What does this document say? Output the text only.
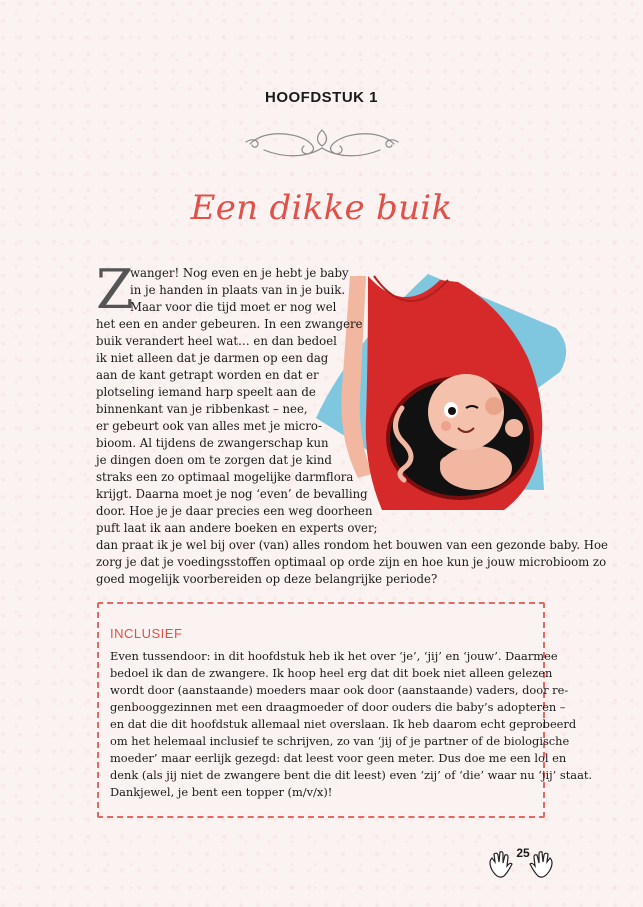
HOOFDSTUK 1
Een dikke buik
Z
wanger! Nog even en je hebt je baby
in je handen in plaats van in je buik.
Maar voor die tijd moet er nog wel
het een en ander gebeuren. In een zwangere
buik verandert heel wat… en dan bedoel
ik niet alleen dat je darmen op een dag
aan de kant getrapt worden en dat er
plotseling iemand harp speelt aan de
binnenkant van je ribbenkast – nee,
er gebeurt ook van alles met je micro-
bioom. Al tijdens de zwangerschap kun
je dingen doen om te zorgen dat je kind
straks een zo optimaal mogelijke darmflora
krijgt. Daarna moet je nog ‘even’ de bevalling
door. Hoe je je daar precies een weg doorheen
puft laat ik aan andere boeken en experts over;
dan praat ik je wel bij over (van) alles rondom het bouwen van een gezonde baby. Hoe
zorg je dat je voedingsstoffen optimaal op orde zijn en hoe kun je jouw microbioom zo
goed mogelijk voorbereiden op deze belangrijke periode?
INCLUSIEF
Even tussendoor: in dit hoofdstuk heb ik het over ‘je’, ‘jij’ en ‘jouw’. Daarmee
bedoel ik dan de zwangere. Ik hoop heel erg dat dit boek niet alleen gelezen
wordt door (aanstaande) moeders maar ook door (aanstaande) vaders, door re-
genbooggezinnen met een draagmoeder of door ouders die baby’s adopteren –
en dat die dit hoofdstuk allemaal niet overslaan. Ik heb daarom echt geprobeerd
om het helemaal inclusief te schrijven, zo van ‘jij of je partner of de biologische
moeder’ maar eerlijk gezegd: dat leest voor geen meter. Dus doe me een lol en
denk (als jij niet de zwangere bent die dit leest) even ‘zij’ of ‘die’ waar nu ‘jij’ staat.
Dankjewel, je bent een topper (m/v/x)!
25
